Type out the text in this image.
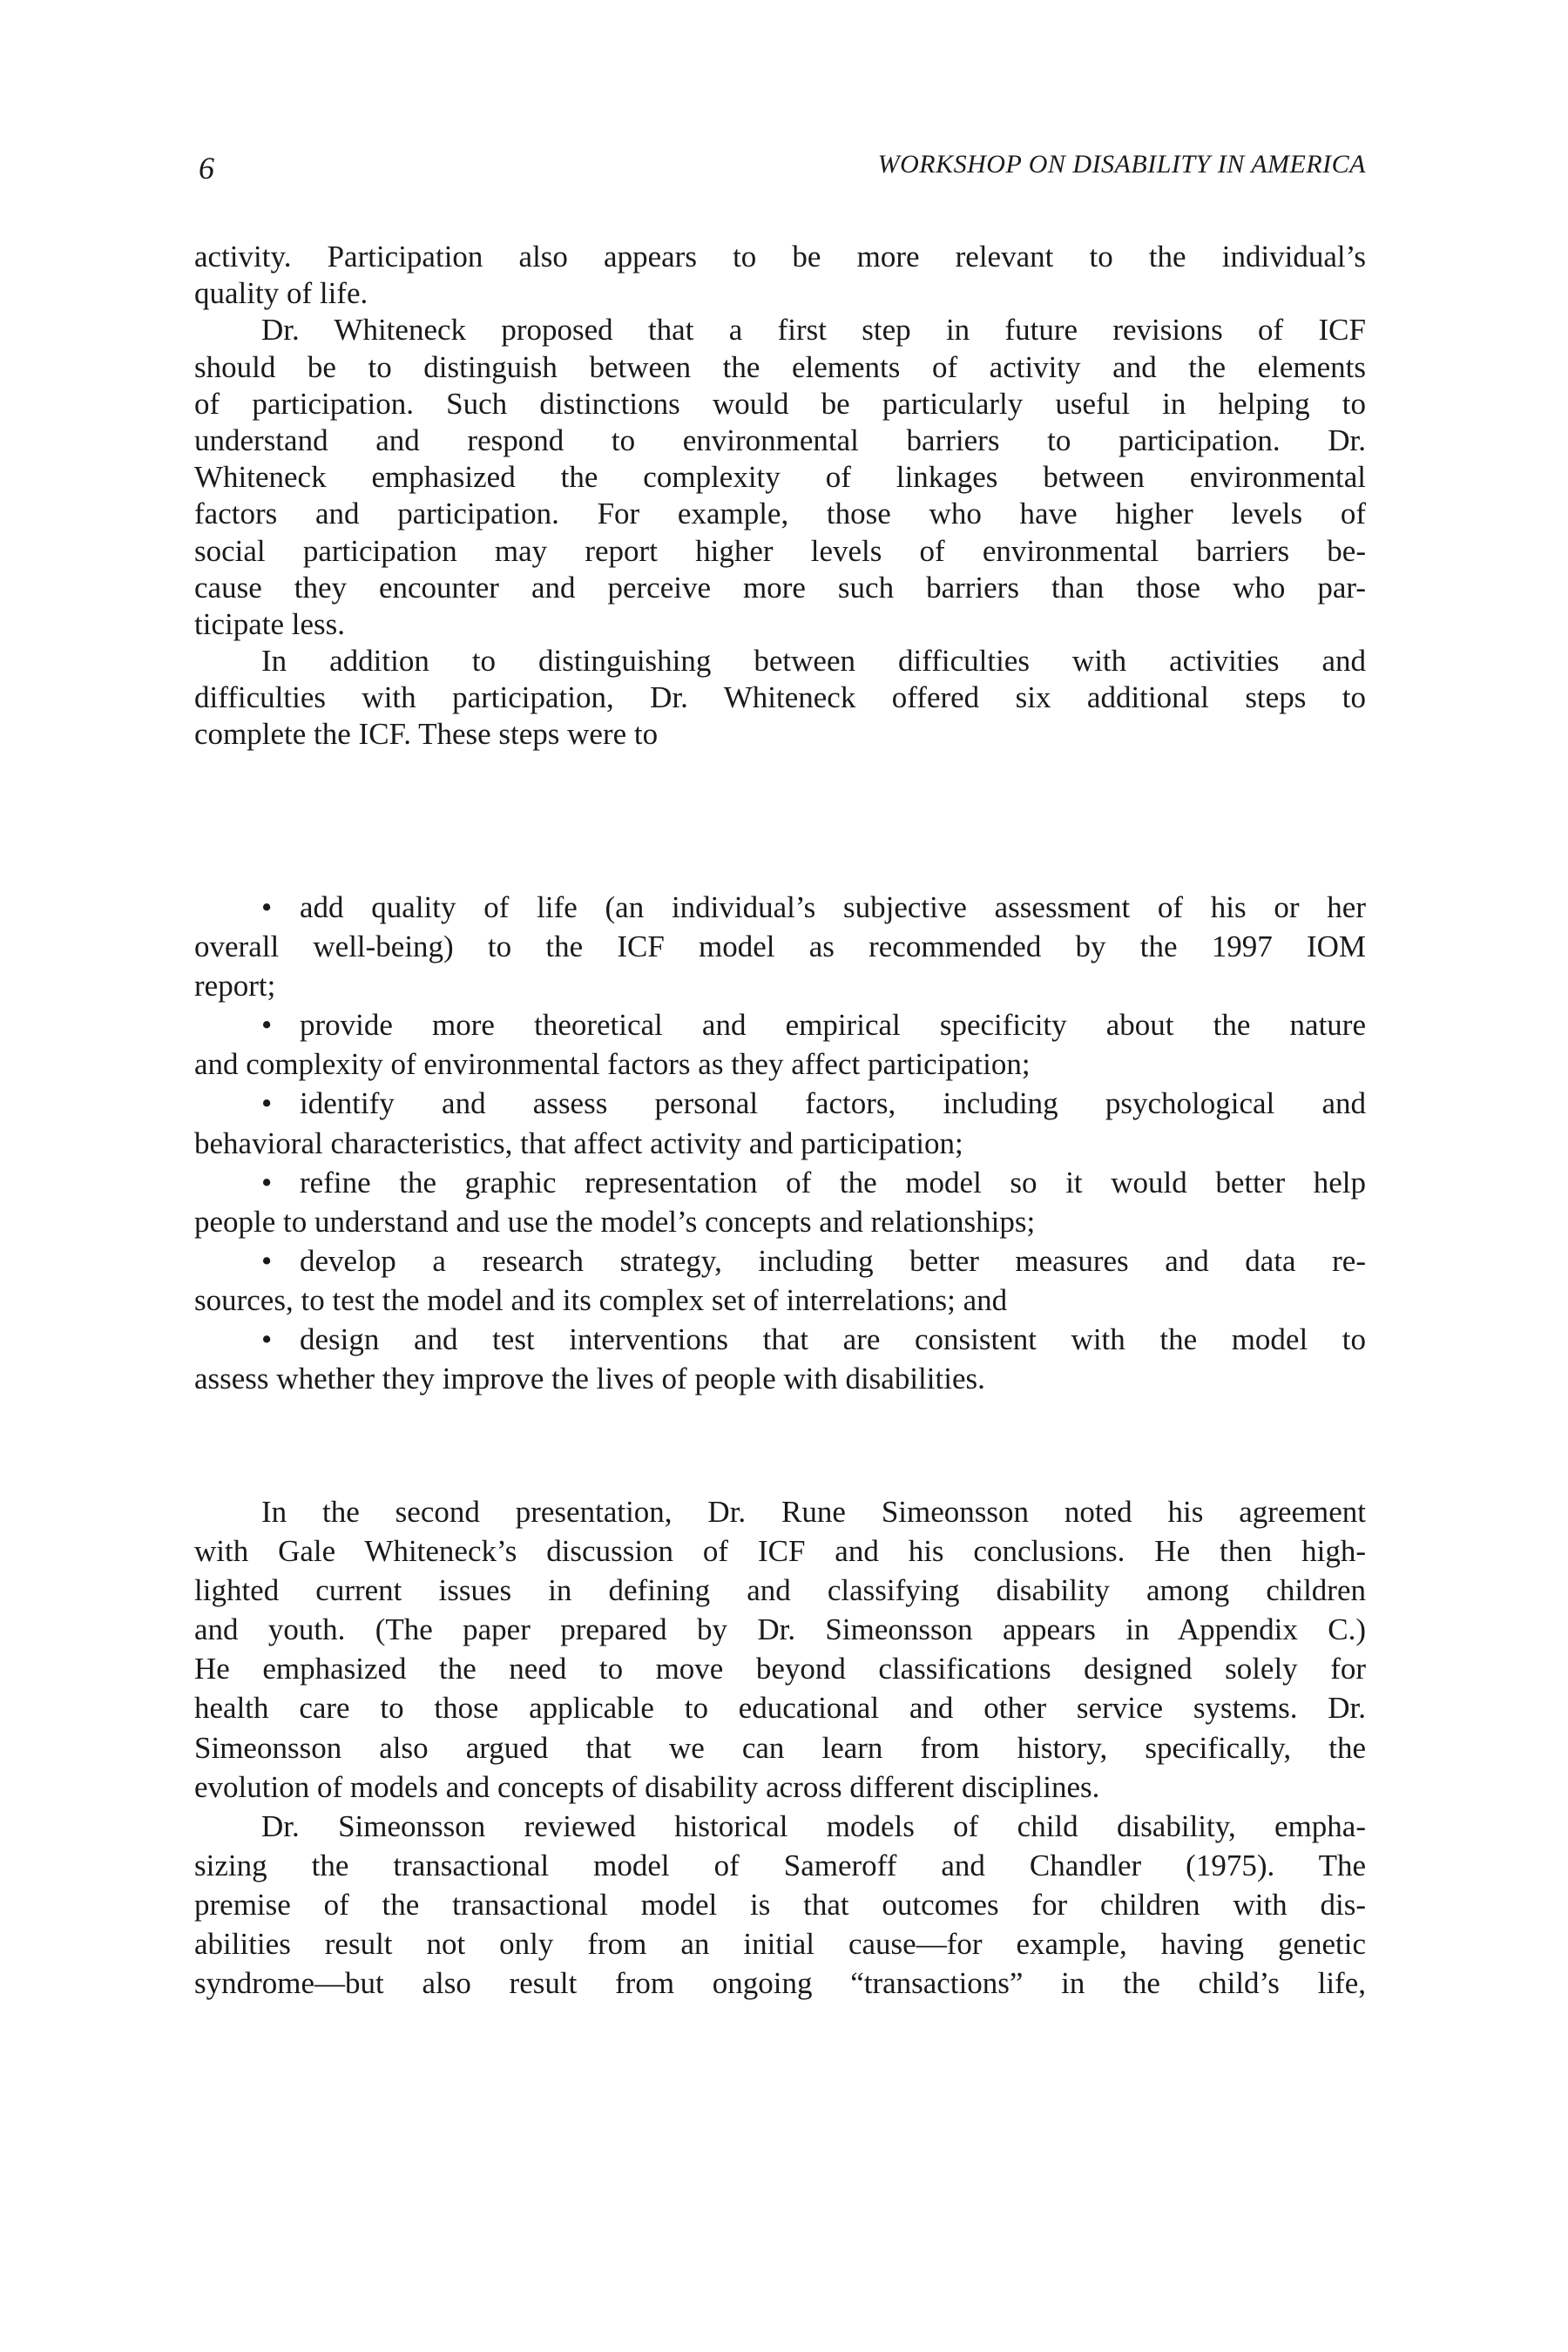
6	WORKSHOP ON DISABILITY IN AMERICA
activity. Participation also appears to be more relevant to the individual’s
quality of life.
Dr. Whiteneck proposed that a first step in future revisions of ICF
should be to distinguish between the elements of activity and the elements
of participation. Such distinctions would be particularly useful in helping to
understand and respond to environmental barriers to participation. Dr.
Whiteneck emphasized the complexity of linkages between environmental
factors and participation. For example, those who have higher levels of
social participation may report higher levels of environmental barriers be-
cause they encounter and perceive more such barriers than those who par-
ticipate less.
In addition to distinguishing between difficulties with activities and
difficulties with participation, Dr. Whiteneck offered six additional steps to
complete the ICF. These steps were to
• add quality of life (an individual’s subjective assessment of his or her
overall well-being) to the ICF model as recommended by the 1997 IOM
report;
• provide more theoretical and empirical specificity about the nature
and complexity of environmental factors as they affect participation;
• identify and assess personal factors, including psychological and
behavioral characteristics, that affect activity and participation;
• refine the graphic representation of the model so it would better help
people to understand and use the model’s concepts and relationships;
• develop a research strategy, including better measures and data re-
sources, to test the model and its complex set of interrelations; and
• design and test interventions that are consistent with the model to
assess whether they improve the lives of people with disabilities.
In the second presentation, Dr. Rune Simeonsson noted his agreement
with Gale Whiteneck’s discussion of ICF and his conclusions. He then high-
lighted current issues in defining and classifying disability among children
and youth. (The paper prepared by Dr. Simeonsson appears in Appendix C.)
He emphasized the need to move beyond classifications designed solely for
health care to those applicable to educational and other service systems. Dr.
Simeonsson also argued that we can learn from history, specifically, the
evolution of models and concepts of disability across different disciplines.
Dr. Simeonsson reviewed historical models of child disability, empha-
sizing the transactional model of Sameroff and Chandler (1975). The
premise of the transactional model is that outcomes for children with dis-
abilities result not only from an initial cause—for example, having genetic
syndrome—but also result from ongoing “transactions” in the child’s life,
